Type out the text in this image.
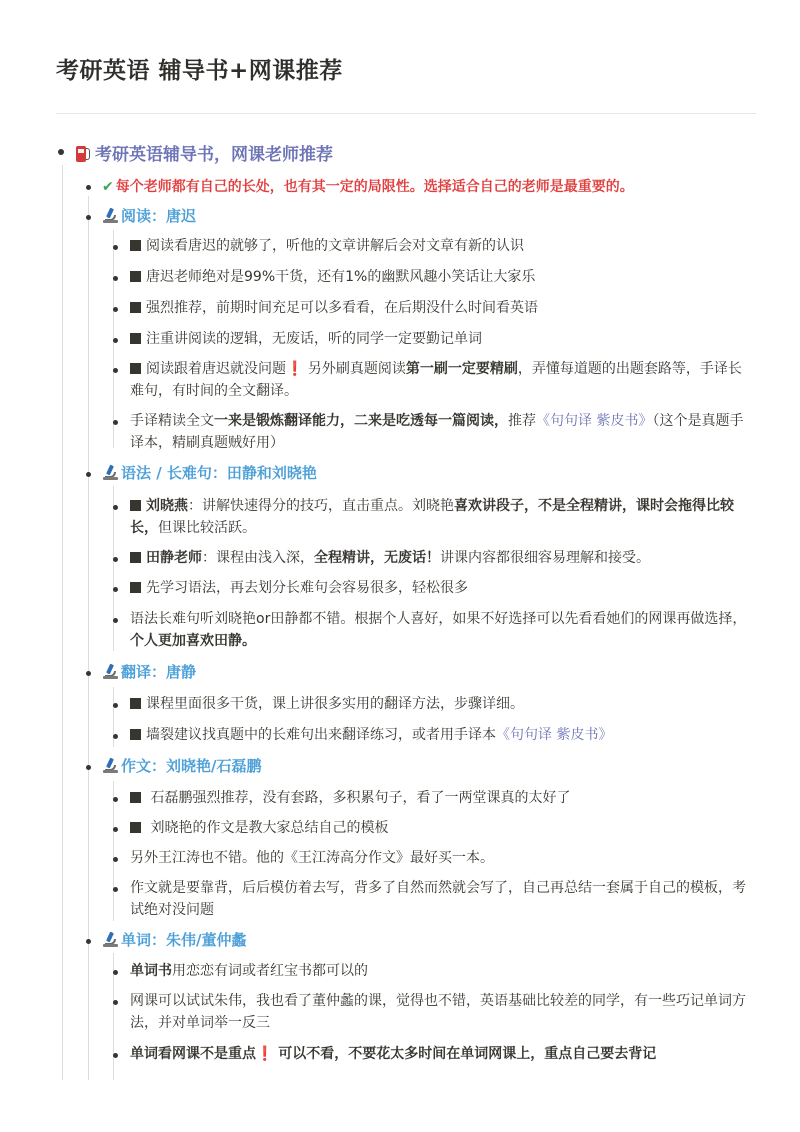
考研英语 辅导书+网课推荐
考研英语辅导书，网课老师推荐
✔ 每个老师都有自己的长处，也有其一定的局限性。选择适合自己的老师是最重要的。
阅读：唐迟
阅读看唐迟的就够了，听他的文章讲解后会对文章有新的认识
唐迟老师绝对是99%干货，还有1%的幽默风趣小笑话让大家乐
强烈推荐，前期时间充足可以多看看，在后期没什么时间看英语
注重讲阅读的逻辑，无废话，听的同学一定要勤记单词
阅读跟着唐迟就没问题❗ 另外刷真题阅读第一刷一定要精刷，弄懂每道题的出题套路等，手译长难句，有时间的全文翻译。
手译精读全文一来是锻炼翻译能力，二来是吃透每一篇阅读，推荐《句句译 紫皮书》（这个是真题手译本，精刷真题贼好用）
语法 / 长难句：田静和刘晓艳
刘晓燕：讲解快速得分的技巧，直击重点。刘晓艳喜欢讲段子，不是全程精讲，课时会拖得比较长，但课比较活跃。
田静老师：课程由浅入深，全程精讲，无废话！讲课内容都很细容易理解和接受。
先学习语法，再去划分长难句会容易很多，轻松很多
语法长难句听刘晓艳or田静都不错。根据个人喜好，如果不好选择可以先看看她们的网课再做选择，个人更加喜欢田静。
翻译：唐静
课程里面很多干货，课上讲很多实用的翻译方法，步骤详细。
墙裂建议找真题中的长难句出来翻译练习，或者用手译本《句句译 紫皮书》
作文：刘晓艳/石磊鹏
石磊鹏强烈推荐，没有套路，多积累句子，看了一两堂课真的太好了
刘晓艳的作文是教大家总结自己的模板
另外王江涛也不错。他的《王江涛高分作文》最好买一本。
作文就是要靠背，后后模仿着去写，背多了自然而然就会写了，自己再总结一套属于自己的模板，考试绝对没问题
单词：朱伟/董仲蠡
单词书用恋恋有词或者红宝书都可以的
网课可以试试朱伟，我也看了董仲蠡的课，觉得也不错，英语基础比较差的同学，有一些巧记单词方法，并对单词举一反三
单词看网课不是重点❗ 可以不看，不要花太多时间在单词网课上，重点自己要去背记
